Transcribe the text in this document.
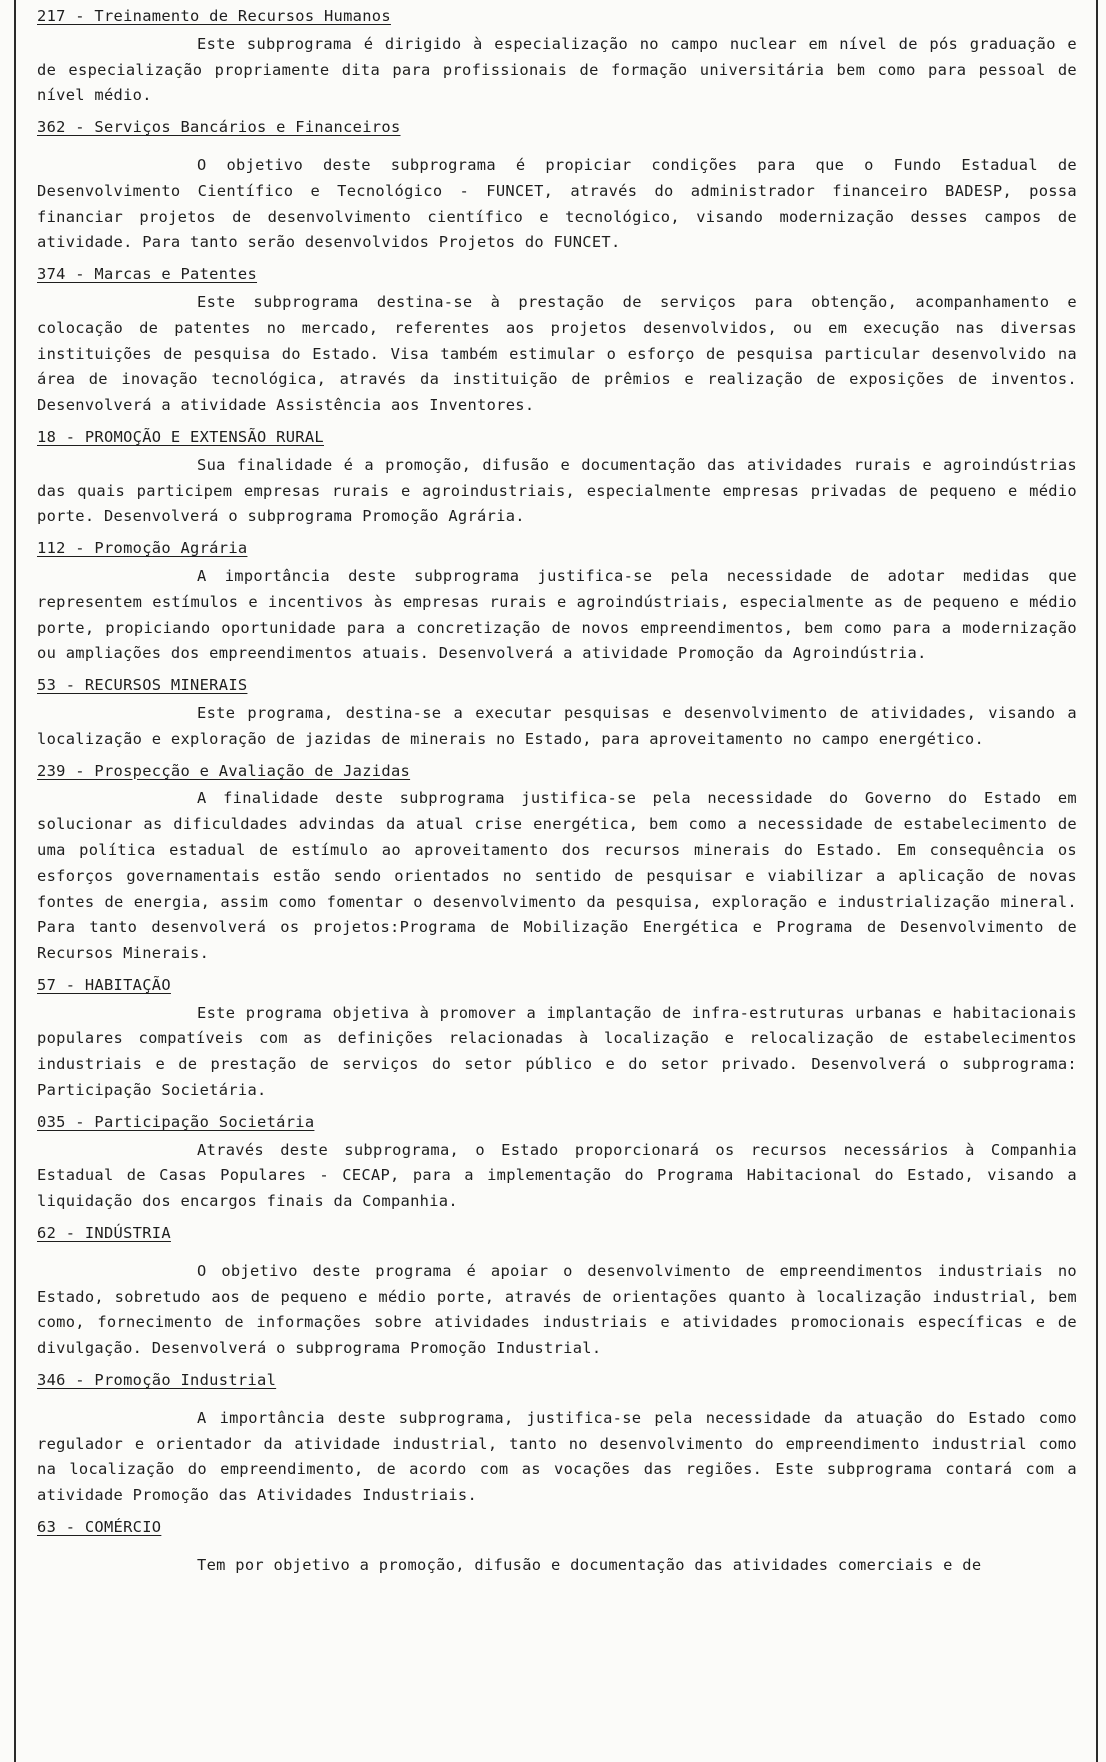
217 - Treinamento de Recursos Humanos

Este subprograma é dirigido à especialização no campo nuclear em nível de pós graduação e de especialização propriamente dita para profissionais de formação universitária bem como para pessoal de nível médio.

362 - Serviços Bancários e Financeiros

O objetivo deste subprograma é propiciar condições para que o Fundo Estadual de Desenvolvimento Científico e Tecnológico - FUNCET, através do administrador financeiro BADESP, possa financiar projetos de desenvolvimento científico e tecnológico, visando modernização desses campos de atividade. Para tanto serão desenvolvidos Projetos do FUNCET.

374 - Marcas e Patentes

Este subprograma destina-se à prestação de serviços para obtenção, acompanhamento e colocação de patentes no mercado, referentes aos projetos desenvolvidos, ou em execução nas diversas instituições de pesquisa do Estado. Visa também estimular o esforço de pesquisa particular desenvolvido na área de inovação tecnológica, através da instituição de prêmios e realização de exposições de inventos. Desenvolverá a atividade Assistência aos Inventores.

18 - PROMOÇÃO E EXTENSÃO RURAL

Sua finalidade é a promoção, difusão e documentação das atividades rurais e agroindústrias das quais participem empresas rurais e agroindustriais, especialmente empresas privadas de pequeno e médio porte. Desenvolverá o subprograma Promoção Agrária.

112 - Promoção Agrária

A importância deste subprograma justifica-se pela necessidade de adotar medidas que representem estímulos e incentivos às empresas rurais e agroindústriais, especialmente as de pequeno e médio porte, propiciando oportunidade para a concretização de novos empreendimentos, bem como para a modernização ou ampliações dos empreendimentos atuais. Desenvolverá a atividade Promoção da Agroindústria.

53 - RECURSOS MINERAIS

Este programa, destina-se a executar pesquisas e desenvolvimento de atividades, visando a localização e exploração de jazidas de minerais no Estado, para aproveitamento no campo energético.

239 - Prospecção e Avaliação de Jazidas

A finalidade deste subprograma justifica-se pela necessidade do Governo do Estado em solucionar as dificuldades advindas da atual crise energética, bem como a necessidade de estabelecimento de uma política estadual de estímulo ao aproveitamento dos recursos minerais do Estado. Em consequência os esforços governamentais estão sendo orientados no sentido de pesquisar e viabilizar a aplicação de novas fontes de energia, assim como fomentar o desenvolvimento da pesquisa, exploração e industrialização mineral. Para tanto desenvolverá os projetos:Programa de Mobilização Energética e Programa de Desenvolvimento de Recursos Minerais.

57 - HABITAÇÃO

Este programa objetiva à promover a implantação de infra-estruturas urbanas e habitacionais populares compatíveis com as definições relacionadas à localização e relocalização de estabelecimentos industriais e de prestação de serviços do setor público e do setor privado. Desenvolverá o subprograma: Participação Societária.

035 - Participação Societária

Através deste subprograma, o Estado proporcionará os recursos necessários à Companhia Estadual de Casas Populares - CECAP, para a implementação do Programa Habitacional do Estado, visando a liquidação dos encargos finais da Companhia.

62 - INDÚSTRIA

O objetivo deste programa é apoiar o desenvolvimento de empreendimentos industriais no Estado, sobretudo aos de pequeno e médio porte, através de orientações quanto à localização industrial, bem como, fornecimento de informações sobre atividades industriais e atividades promocionais específicas e de divulgação. Desenvolverá o subprograma Promoção Industrial.

346 - Promoção Industrial

A importância deste subprograma, justifica-se pela necessidade da atuação do Estado como regulador e orientador da atividade industrial, tanto no desenvolvimento do empreendimento industrial como na localização do empreendimento, de acordo com as vocações das regiões. Este subprograma contará com a atividade Promoção das Atividades Industriais.

63 - COMÉRCIO

Tem por objetivo a promoção, difusão e documentação das atividades comerciais e de
